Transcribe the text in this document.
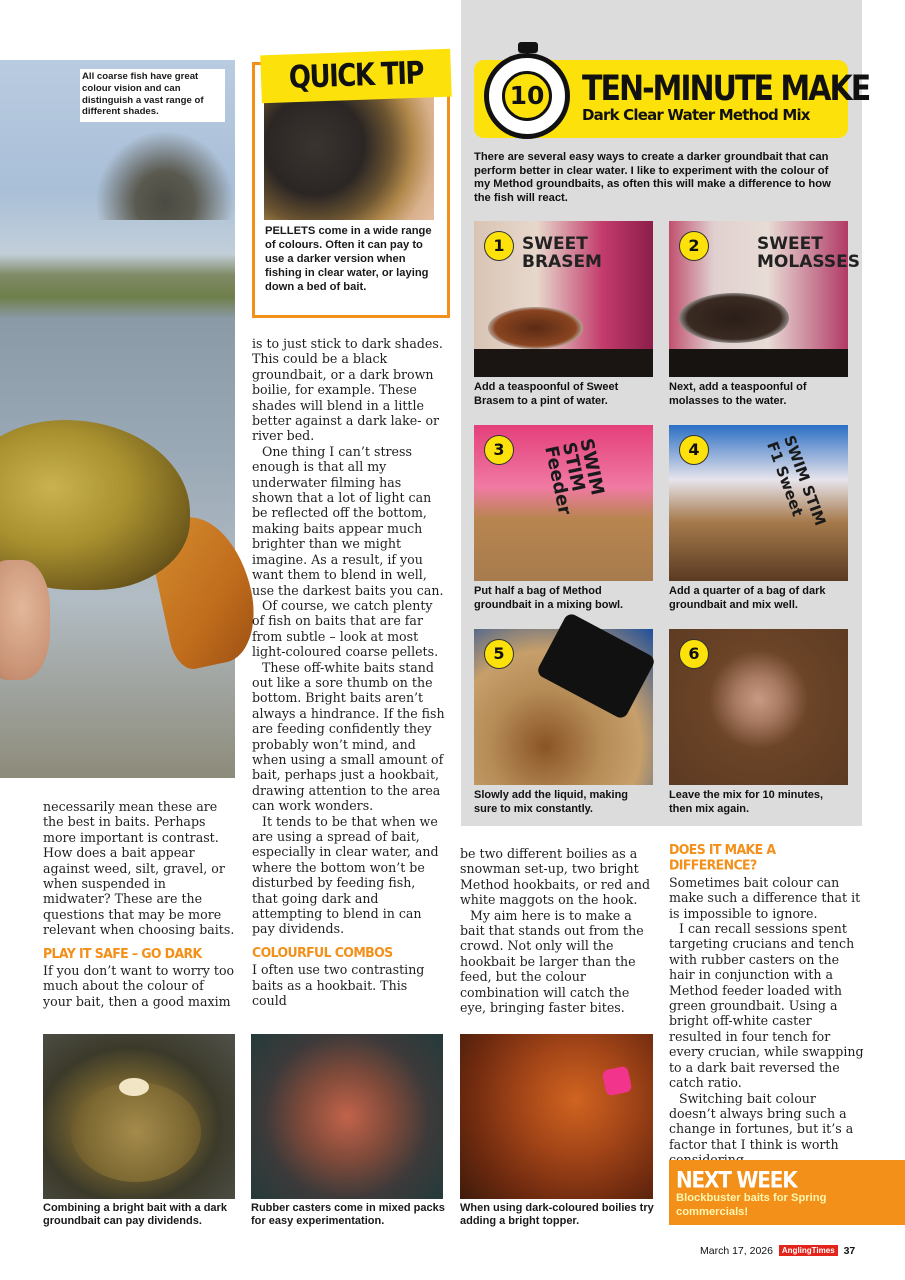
All coarse fish have great colour vision and can distinguish a vast range of different shades.
QUICK TIP
PELLETS come in a wide range of colours. Often it can pay to use a darker version when fishing in clear water, or laying down a bed of bait.
10 TEN-MINUTE MAKE
Dark Clear Water Method Mix
There are several easy ways to create a darker groundbait that can perform better in clear water. I like to experiment with the colour of my Method groundbaits, as often this will make a difference to how the fish will react.
SWEET BRASEM
1
Add a teaspoonful of Sweet Brasem to a pint of water.
SWEET MOLASSES
2
Next, add a teaspoonful of molasses to the water.
SWIM STIM Feeder
3
Put half a bag of Method groundbait in a mixing bowl.
SWIM STIM F1 Sweet
4
Add a quarter of a bag of dark groundbait and mix well.
5
Slowly add the liquid, making sure to mix constantly.
6
Leave the mix for 10 minutes, then mix again.

necessarily mean these are the best in baits. Perhaps more important is contrast. How does a bait appear against weed, silt, gravel, or when suspended in midwater? These are the questions that may be more relevant when choosing baits.

PLAY IT SAFE – GO DARK

If you don’t want to worry too much about the colour of your bait, then a good maxim

is to just stick to dark shades. This could be a black groundbait, or a dark brown boilie, for example. These shades will blend in a little better against a dark lake- or river bed.

One thing I can’t stress enough is that all my underwater filming has shown that a lot of light can be reflected off the bottom, making baits appear much brighter than we might imagine. As a result, if you want them to blend in well, use the darkest baits you can.

Of course, we catch plenty of fish on baits that are far from subtle – look at most light-coloured coarse pellets.

These off-white baits stand out like a sore thumb on the bottom. Bright baits aren’t always a hindrance. If the fish are feeding confidently they probably won’t mind, and when using a small amount of bait, perhaps just a hookbait, drawing attention to the area can work wonders.

It tends to be that when we are using a spread of bait, especially in clear water, and where the bottom won’t be disturbed by feeding fish, that going dark and attempting to blend in can pay dividends.

COLOURFUL COMBOS

I often use two contrasting baits as a hookbait. This could

be two different boilies as a snowman set-up, two bright Method hookbaits, or red and white maggots on the hook.

My aim here is to make a bait that stands out from the crowd. Not only will the hookbait be larger than the feed, but the colour combination will catch the eye, bringing faster bites.

DOES IT MAKE A DIFFERENCE?

Sometimes bait colour can make such a difference that it is impossible to ignore.

I can recall sessions spent targeting crucians and tench with rubber casters on the hair in conjunction with a Method feeder loaded with green groundbait. Using a bright off-white caster resulted in four tench for every crucian, while swapping to a dark bait reversed the catch ratio.

Switching bait colour doesn’t always bring such a change in fortunes, but it’s a factor that I think is worth

Combining a bright bait with a dark groundbait can pay dividends.
Rubber casters come in mixed packs for easy experimentation.
When using dark-coloured boilies try adding a bright topper.
NEXT WEEK
Blockbuster baits for Spring commercials!
March 17, 2026 AnglingTimes 37
